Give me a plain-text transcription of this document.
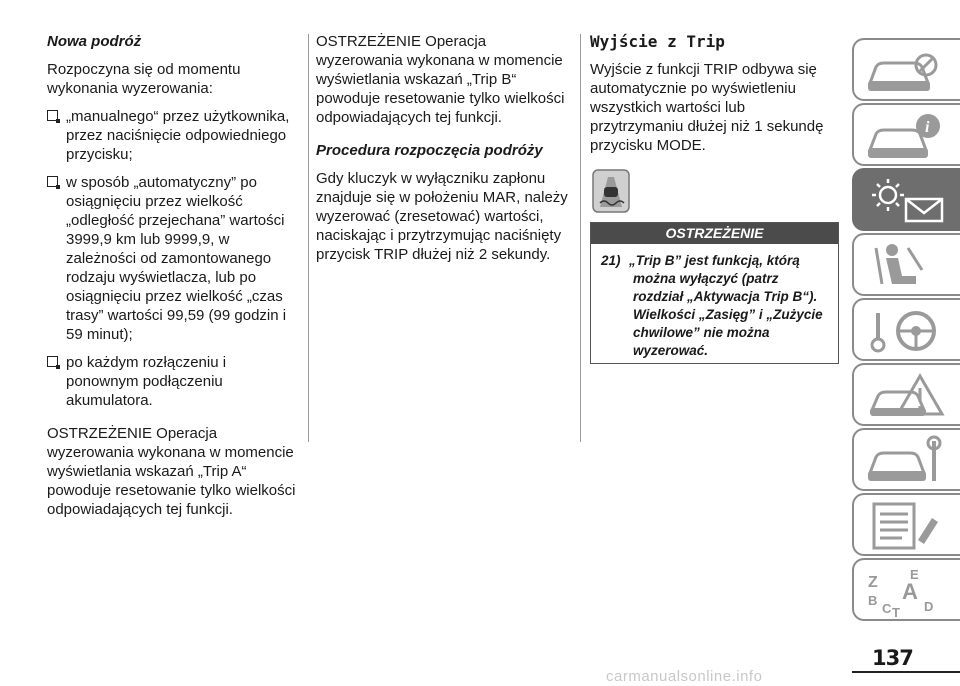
Nowa podróż

Rozpoczyna się od momentu wykonania wyzerowania:

„manualnego“ przez użytkownika, przez naciśnięcie odpowiedniego przycisku;
w sposób „automatyczny” po osiągnięciu przez wielkość „odległość przejechana” wartości 3999,9 km lub 9999,9, w zależności od zamontowanego rodzaju wyświetlacza, lub po osiągnięciu przez wielkość „czas trasy” wartości 99,59 (99 godzin i 59 minut);
po każdym rozłączeniu i ponownym podłączeniu akumulatora.

OSTRZEŻENIE Operacja wyzerowania wykonana w momencie wyświetlania wskazań „Trip A“ powoduje resetowanie tylko wielkości odpowiadających tej funkcji.

OSTRZEŻENIE Operacja wyzerowania wykonana w momencie wyświetlania wskazań „Trip B“ powoduje resetowanie tylko wielkości odpowiadających tej funkcji.

Procedura rozpoczęcia podróży

Gdy kluczyk w wyłączniku zapłonu znajduje się w położeniu MAR, należy wyzerować (zresetować) wartości, naciskając i przytrzymując naciśnięty przycisk TRIP dłużej niż 2 sekundy.

Wyjście z Trip

Wyjście z funkcji TRIP odbywa się automatycznie po wyświetleniu wszystkich wartości lub przytrzymaniu dłużej niż 1 sekundę przycisku MODE.

OSTRZEŻENIE
21) „Trip B” jest funkcją, którą
można wyłączyć (patrz rozdział „Aktywacja Trip B“). Wielkości „Zasięg” i „Zużycie chwilowe” nie można wyzerować.
i
Z E
A
B
C	D
T
137
carmanualsonline.info
